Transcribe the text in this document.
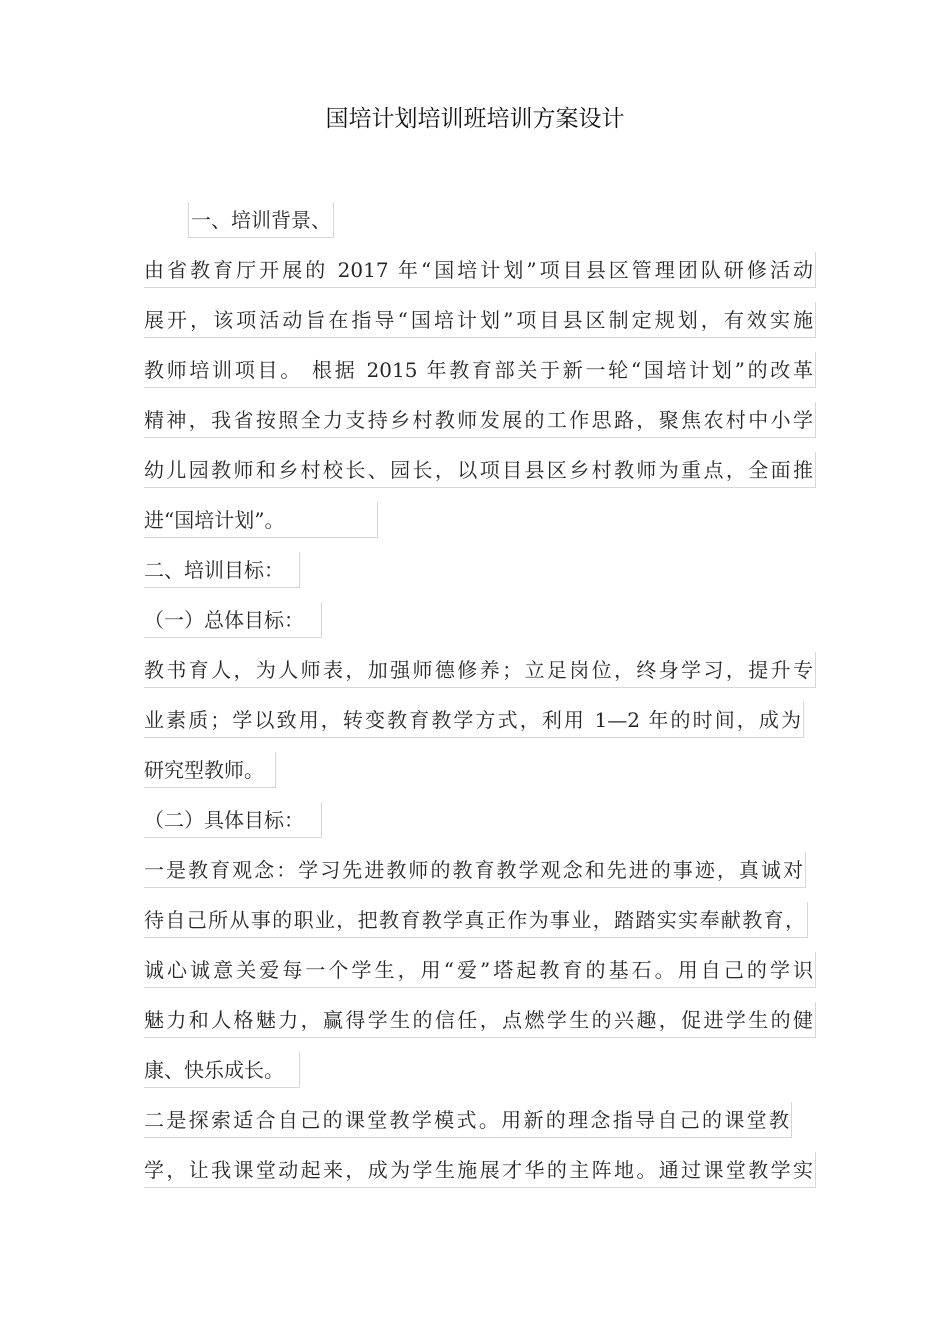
国培计划培训班培训方案设计
一、培训背景、
由省教育厅开展的 2017 年“国培计划”项目县区管理团队研修活动
展开，该项活动旨在指导“国培计划”项目县区制定规划，有效实施
教师培训项目。 根据 2015 年教育部关于新一轮“国培计划”的改革
精神，我省按照全力支持乡村教师发展的工作思路，聚焦农村中小学
幼儿园教师和乡村校长、园长，以项目县区乡村教师为重点，全面推
进“国培计划”。
二、培训目标：
（一）总体目标：
教书育人，为人师表，加强师德修养；立足岗位，终身学习，提升专
业素质；学以致用，转变教育教学方式，利用 1—2 年的时间，成为
研究型教师。
（二）具体目标：
一是教育观念：学习先进教师的教育教学观念和先进的事迹，真诚对
待自己所从事的职业，把教育教学真正作为事业，踏踏实实奉献教育，
诚心诚意关爱每一个学生，用“爱”塔起教育的基石。用自己的学识
魅力和人格魅力，赢得学生的信任，点燃学生的兴趣，促进学生的健
康、快乐成长。
二是探索适合自己的课堂教学模式。用新的理念指导自己的课堂教
学，让我课堂动起来，成为学生施展才华的主阵地。通过课堂教学实
